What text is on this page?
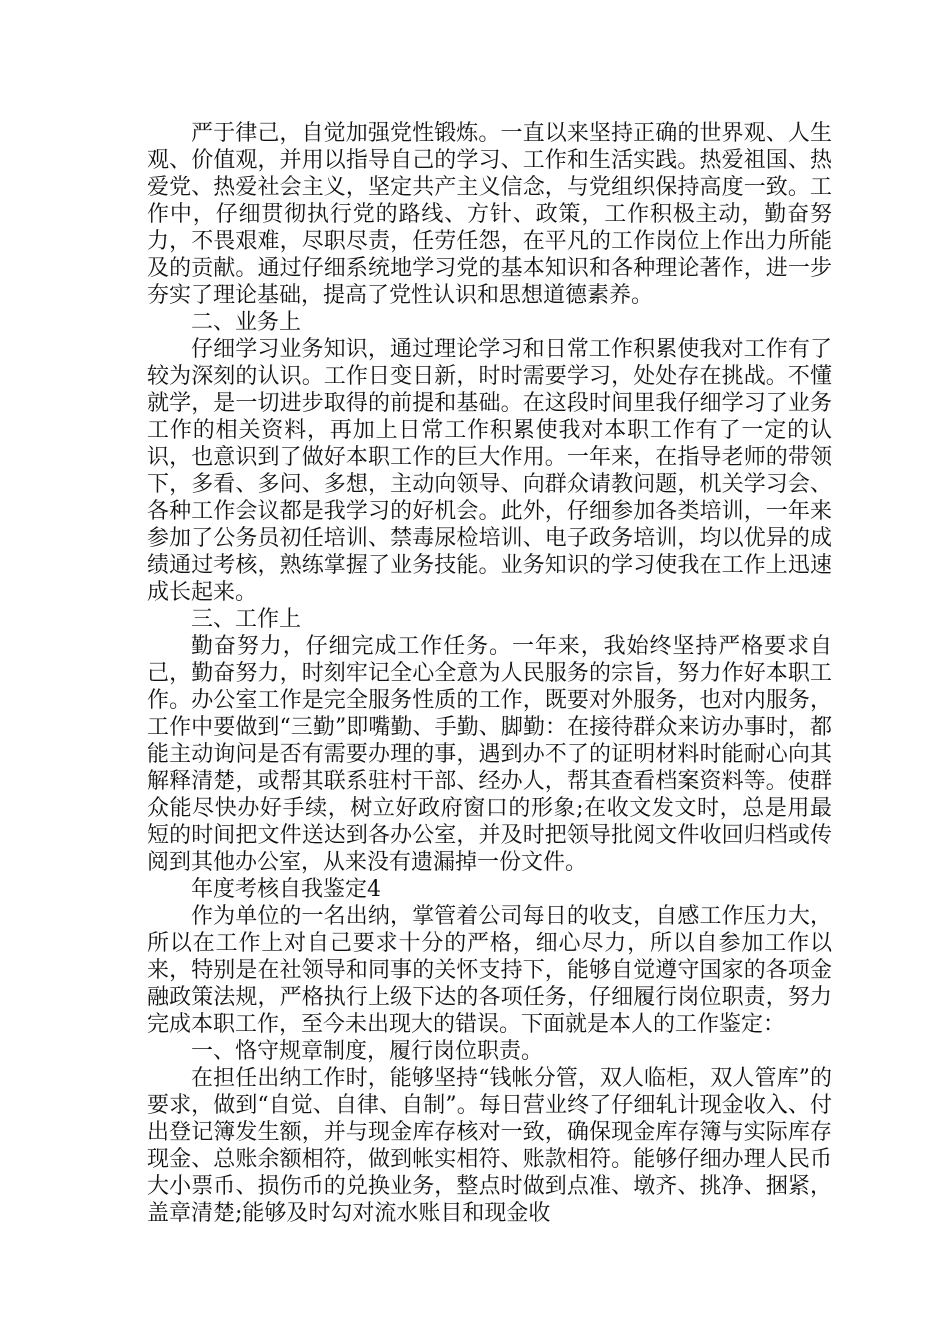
严于律己，自觉加强党性锻炼。一直以来坚持正确的世界观、人生观、价值观，并用以指导自己的学习、工作和生活实践。热爱祖国、热爱党、热爱社会主义，坚定共产主义信念，与党组织保持高度一致。工作中，仔细贯彻执行党的路线、方针、政策，工作积极主动，勤奋努力，不畏艰难，尽职尽责，任劳任怨，在平凡的工作岗位上作出力所能及的贡献。通过仔细系统地学习党的基本知识和各种理论著作，进一步夯实了理论基础，提高了党性认识和思想道德素养。

二、业务上

仔细学习业务知识，通过理论学习和日常工作积累使我对工作有了较为深刻的认识。工作日变日新，时时需要学习，处处存在挑战。不懂就学，是一切进步取得的前提和基础。在这段时间里我仔细学习了业务工作的相关资料，再加上日常工作积累使我对本职工作有了一定的认识，也意识到了做好本职工作的巨大作用。一年来，在指导老师的带领下，多看、多问、多想，主动向领导、向群众请教问题，机关学习会、各种工作会议都是我学习的好机会。此外，仔细参加各类培训，一年来参加了公务员初任培训、禁毒尿检培训、电子政务培训，均以优异的成绩通过考核，熟练掌握了业务技能。业务知识的学习使我在工作上迅速成长起来。

三、工作上

勤奋努力，仔细完成工作任务。一年来，我始终坚持严格要求自己，勤奋努力，时刻牢记全心全意为人民服务的宗旨，努力作好本职工作。办公室工作是完全服务性质的工作，既要对外服务，也对内服务，工作中要做到“三勤”即嘴勤、手勤、脚勤：在接待群众来访办事时，都能主动询问是否有需要办理的事，遇到办不了的证明材料时能耐心向其解释清楚，或帮其联系驻村干部、经办人，帮其查看档案资料等。使群众能尽快办好手续，树立好政府窗口的形象;在收文发文时，总是用最短的时间把文件送达到各办公室，并及时把领导批阅文件收回归档或传阅到其他办公室，从来没有遗漏掉一份文件。

年度考核自我鉴定4

作为单位的一名出纳，掌管着公司每日的收支，自感工作压力大，所以在工作上对自己要求十分的严格，细心尽力，所以自参加工作以来，特别是在社领导和同事的关怀支持下，能够自觉遵守国家的各项金融政策法规，严格执行上级下达的各项任务，仔细履行岗位职责，努力完成本职工作，至今未出现大的错误。下面就是本人的工作鉴定：

一、恪守规章制度，履行岗位职责。

在担任出纳工作时，能够坚持“钱帐分管，双人临柜，双人管库”的要求，做到“自觉、自律、自制”。每日营业终了仔细轧计现金收入、付出登记簿发生额，并与现金库存核对一致，确保现金库存簿与实际库存现金、总账余额相符，做到帐实相符、账款相符。能够仔细办理人民币大小票币、损伤币的兑换业务，整点时做到点准、墩齐、挑净、捆紧，盖章清楚;能够及时勾对流水账目和现金收
